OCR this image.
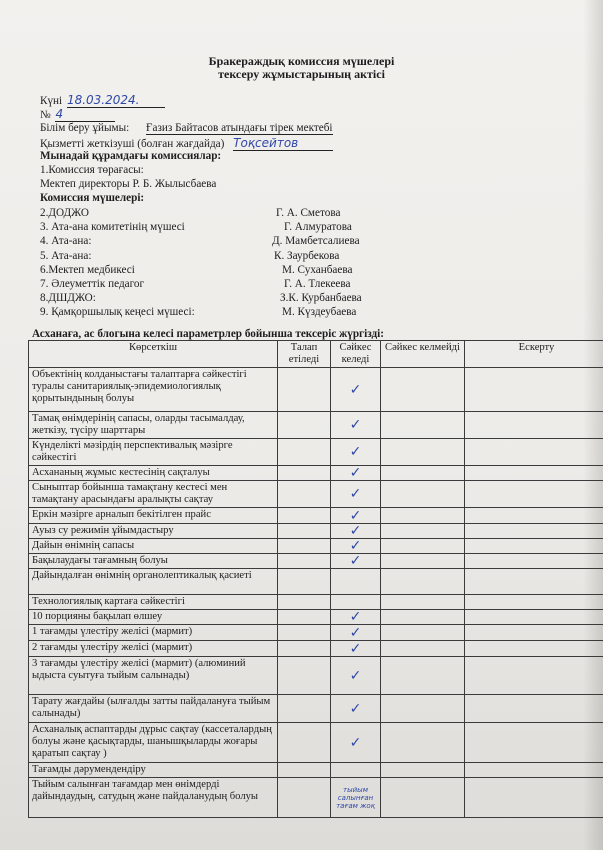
Бракераждық комиссия мүшелері
тексеру жұмыстарының актісі
Күні 18.03.2024.
№ 4
Білім беру ұйымы: Ғазиз Байтасов атындағы тірек мектебі
Қызметті жеткізуші (болған жағдайда) Тоқсейтов
Мынадай құрамдағы комиссиялар:
1.Комиссия төрағасы:
Мектеп директоры Р. Б. Жылысбаева
Комиссия мүшелері:
2.ДОДЖО	Г. А. Сметова
3. Ата-ана комитетінің мүшесі	Г. Алмуратова
4. Ата-ана:	Д. Мамбетсалиева
5. Ата-ана:	К. Заурбекова
6.Мектеп медбикесі	М. Суханбаева
7. Әлеуметтік педагог	Г. А. Тлекеева
8.ДШДЖО:	З.К. Курбанбаева
9. Қамқоршылық кеңесі мүшесі:	М. Күздеубаева
Асханаға, ас блогына келесі параметрлер бойынша тексеріс жүргізді:
Көрсеткіш	Талап етіледі	Сәйкес келеді	Сәйкес келмейді	Ескерту
Объектінің колданыстағы талаптарға сәйкестігі туралы санитариялық-эпидемиологиялық қорытындының болуы		✓		
Тамақ өнімдерінің сапасы, оларды тасымалдау, жеткізу, түсіру шарттары		✓		
Күнделікті мәзірдің перспективалық мәзірге сәйкестігі		✓		
Асхананың жұмыс кестесінің сақталуы		✓		
Сыныптар бойынша тамақтану кестесі мен тамақтану арасындағы аралықты сақтау		✓		
Еркін мәзірге арналып бекітілген прайс		✓		
Ауыз су режимін ұйымдастыру		✓		
Дайын өнімнің сапасы		✓		
Бақылаудағы тағамның болуы		✓		
Дайындалған өнімнің органолептикалық қасиеті				
Технологиялық картаға сәйкестігі				
10 порцияны бақылап өлшеу		✓		
1 тағамды үлестіру желісі (мармит)		✓		
2 тағамды үлестіру желісі (мармит)		✓		
3 тағамды үлестіру желісі (мармит) (алюминий ыдыста суытуға тыйым салынады)		✓		
Тарату жағдайы (ылғалды затты пайдалануға тыйым салынады)		✓		
Асханалық аспаптарды дұрыс сақтау (кассеталардың болуы және қасықтарды, шанышқыларды жоғары қаратып сақтау )		✓		
Тағамды дәрумендендіру				
Тыйым салынған тағамдар мен өнімдерді дайындаудың, сатудың және пайдаланудың болуы		тыйым салынған тағам жоқ		
